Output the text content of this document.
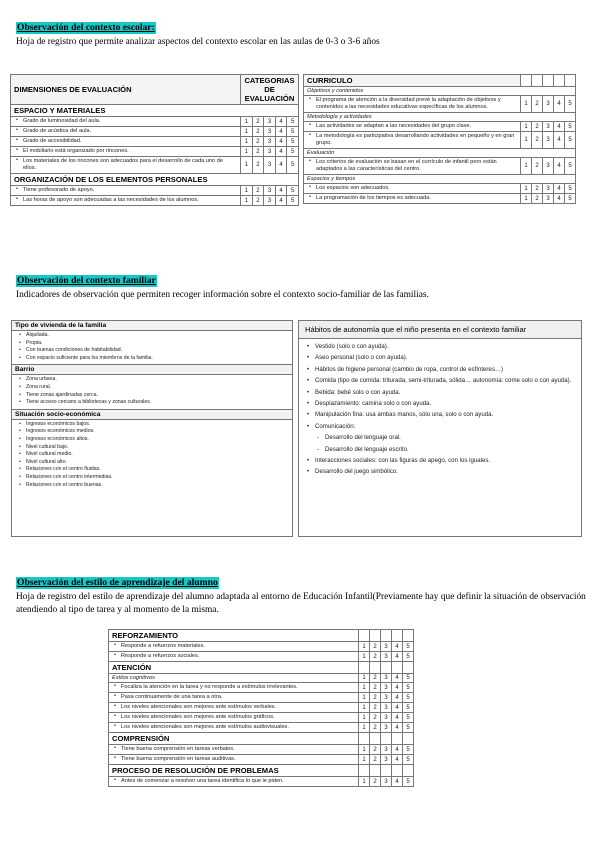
Observación del contexto escolar:
Hoja de registro que permite analizar aspectos del contexto escolar en las aulas de 0-3 o 3-6 años
DIMENSIONES DE EVALUACIÓN	CATEGORIAS DE EVALUACIÓN				
ESPACIO Y MATERIALES					
• Grado de luminosidad del aula.	1	2	3	4	5
• Grado de acústica del aula.	1	2	3	4	5
• Grado de accesibilidad.	1	2	3	4	5
• El mobiliario está organizado por rincones.	1	2	3	4	5
• Los materiales de los rincones son adecuados para el desarrollo de cada uno de ellos.	1	2	3	4	5
ORGANIZACIÓN DE LOS ELEMENTOS PERSONALES					
• Tiene profesorado de apoyo.	1	2	3	4	5
• Las horas de apoyo son adecuadas a las necesidades de los alumnos.	1	2	3	4	5
CURRICULO					
Objetivos y contenidos					
• El programa de atención a la diversidad prevé la adaptación de objetivos y contenidos a las necesidades educativas específicas de los alumnos.	1	2	3	4	5
Metodología y actividades					
• Las actividades se adaptan a las necesidades del grupo clase.	1	2	3	4	5
• La metodología es participativa desarrollando actividades en pequeño y en gran grupo.	1	2	3	4	5
Evaluación					
• Los criterios de evaluación se basan en el currículo de infantil pero están adaptados a las características del centro.	1	2	3	4	5
Espacios y tiempos					
• Los espacios son adecuados.	1	2	3	4	5
• La programación de los tiempos es adecuada.	1	2	3	4	5
Observación del contexto familiar
Indicadores de observación que permiten recoger información sobre el contexto socio-familiar de las familias.
Tipo de vivienda de la familia
• Alquilada.
• Propia.
• Con buenas condiciones de habitabilidad.
• Con espacio suficiente para los miembros de la familia.
Barrio
• Zona urbana.
• Zona rural.
• Tiene zonas ajardinadas cerca.
• Tiene acceso cercano a bibliotecas y zonas culturales.
Situación socio-económica
• Ingresos económicos bajos.
• Ingresos económicos medios.
• Ingresos económicos altos.
• Nivel cultural bajo.
• Nivel cultural medio.
• Nivel cultural alto.
• Relaciones con el centro fluidas.
• Relaciones con el centro intermedias.
• Relaciones con el centro buenas.
Hábitos de autonomía que el niño presenta en el contexto familiar
• Vestido (solo o con ayuda).
• Aseo personal (solo o con ayuda).
• Hábitos de higiene personal (cambio de ropa, control de esfínteres…)
• Comida (tipo de comida: triturada, semi-triturada, sólida… autonomía: come solo o con ayuda).
• Bebida: bebé solo o con ayuda.
• Desplazamiento: camina solo o con ayuda.
• Manipulación fina: usa ambas manos, sólo una, solo o con ayuda.
• Comunicación:
- Desarrollo del lenguaje oral.
- Desarrollo del lenguaje escrito.
• Interacciones sociales: con las figuras de apego, con los iguales.
• Desarrollo del juego simbólico.
Observación del estilo de aprendizaje del alumno
Hoja de registro del estilo de aprendizaje del alumno adaptada al entorno de Educación Infantil(Previamente hay que definir la situación de observación atendiendo al tipo de tarea y al momento de la misma.
REFORZAMIENTO					
• Responde a refuerzos materiales.	1	2	3	4	5
• Responde a refuerzos sociales.	1	2	3	4	5
ATENCIÓN					
Estilos cognitivos	1	2	3	4	5
• Focaliza la atención en la tarea y no responde a estímulos irrelevantes.	1	2	3	4	5
• Pasa continuamente de una tarea a otra.	1	2	3	4	5
• Los niveles atencionales son mejores ante estímulos verbales.	1	2	3	4	5
• Los niveles atencionales son mejores ante estímulos gráficos.	1	2	3	4	5
• Los niveles atencionales son mejores ante estímulos audiovisuales.	1	2	3	4	5
COMPRENSIÓN					
• Tiene buena comprensión en tareas verbales.	1	2	3	4	5
• Tiene buena comprensión en tareas auditivas.	1	2	3	4	5
PROCESO DE RESOLUCIÓN DE PROBLEMAS					
• Antes de comenzar a resolver una tarea identifica lo que le piden.	1	2	3	4	5
